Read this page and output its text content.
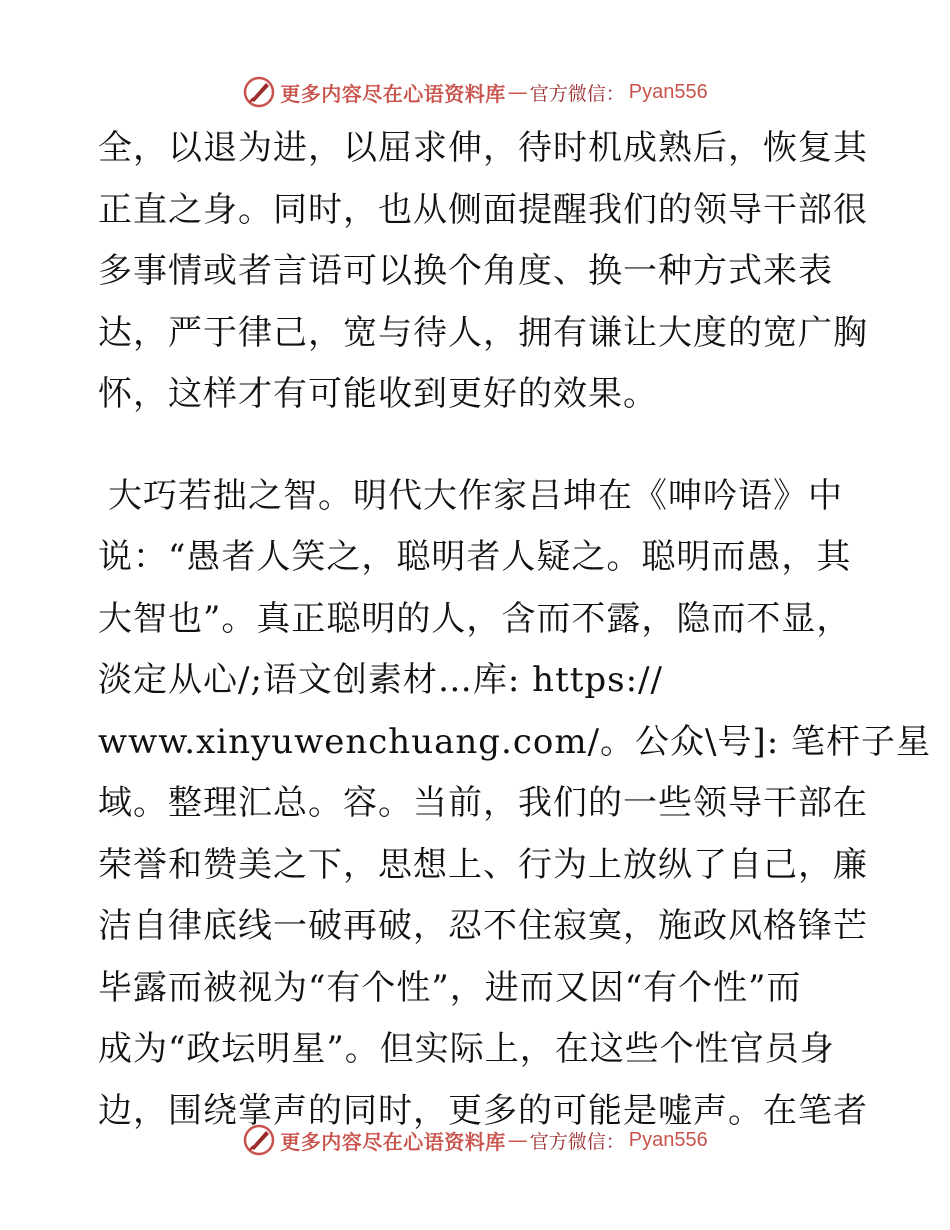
更多内容尽在心语资料库 — 官方微信： Pyan556
全，以退为进，以屈求伸，待时机成熟后，恢复其
正直之身。同时，也从侧面提醒我们的领导干部很
多事情或者言语可以换个角度、换一种方式来表
达，严于律己，宽与待人，拥有谦让大度的宽广胸
怀，这样才有可能收到更好的效果。
大巧若拙之智。明代大作家吕坤在《呻吟语》中
说：“愚者人笑之，聪明者人疑之。聪明而愚，其
大智也”。真正聪明的人，含而不露，隐而不显，
淡定从心/;语文创素材…库: https://
www.xinyuwenchuang.com/。公众\号]: 笔杆子星
域。整理汇总。容。当前，我们的一些领导干部在
荣誉和赞美之下，思想上、行为上放纵了自己，廉
洁自律底线一破再破，忍不住寂寞，施政风格锋芒
毕露而被视为“有个性”，进而又因“有个性”而
成为“政坛明星”。但实际上，在这些个性官员身
边，围绕掌声的同时，更多的可能是嘘声。在笔者
更多内容尽在心语资料库 — 官方微信： Pyan556
